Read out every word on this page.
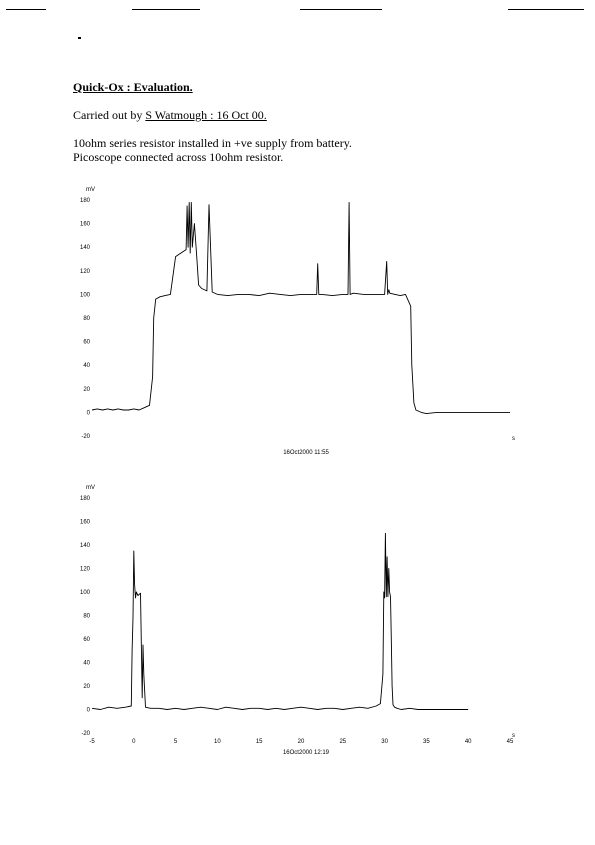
Quick-Ox : Evaluation.
Carried out by S Watmough : 16 Oct 00.
10ohm series resistor installed in +ve supply from battery.
Picoscope connected across 10ohm resistor.
mV
-20
0
20
40
60
80
100
120
140
160
180
s
16Oct2000 11:55
mV
-20
0
20
40
60
80
100
120
140
160
180
s
-5	0	5	10	15	20	25	30	35	40	45
16Oct2000 12:19
